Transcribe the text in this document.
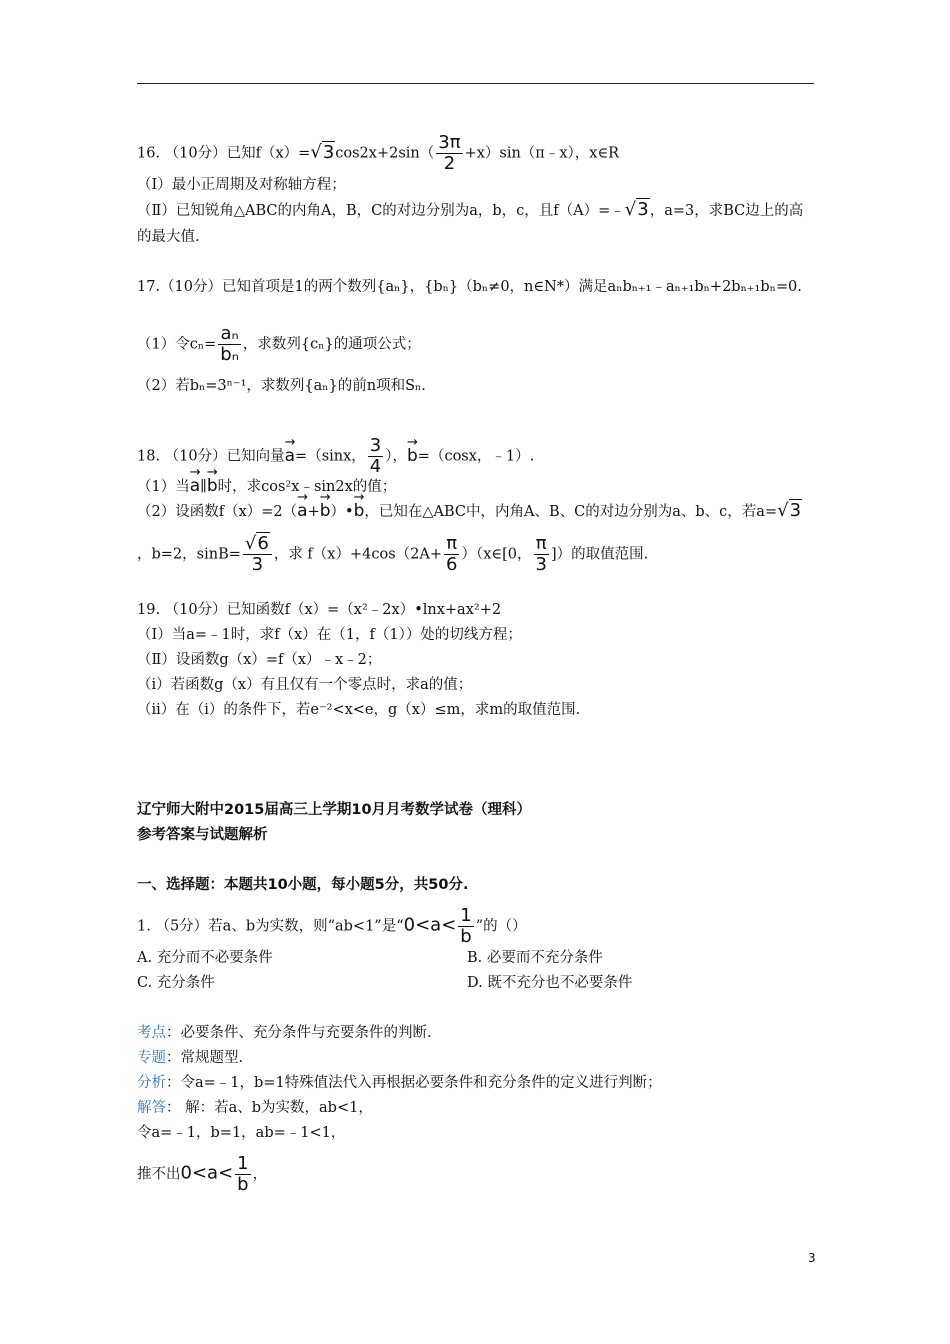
16. （10分）已知$f(x)=√3\cos 2x+2\sin( \frac{3\pi}{2}$ +x）sin（π﹣x），x∈R
（Ⅰ）最小正周期及对称轴方程；
（Ⅱ）已知锐角△ABC的内角A，B，C的对边分别为a，b，c，且f（A）=﹣√3，a=3，求BC边上的高
的最大值.
17.（10分）已知首项是1的两个数列{aₙ}，{bₙ}（bₙ≠0，n∈N*）满足aₙbₙ₊₁﹣aₙ₊₁bₙ+2bₙ₊₁bₙ=0.
（1）令$c_n= \frac{\text{aₙ}}{\text{bₙ}}$ ，求数列{cₙ}的通项公式；
（2）若bₙ=3ⁿ⁻¹，求数列{aₙ}的前n项和Sₙ.
18. （10分）已知向量→ a=（sinx， $\frac{3}{4}$ ），→ b=（cosx，﹣1）.
（1）当→ a∥→ b时，求cos²x﹣sin2x的值；
（2）设函数f（x）=2（→ a+→ b）•→ b，已知在△ABC中，内角A、B、C的对边分别为a、b、c，若a=√3
，b=2，$\sin B= \frac{√6}{3}$ ，求 $f(x)+4\cos(2A+ \frac{\pi}{6}$ ）（x∈[0， $\frac{\pi}{3}$ ]）的取值范围.
19. （10分）已知函数f（x）=（x²﹣2x）•lnx+ax²+2
（Ⅰ）当a=﹣1时，求f（x）在（1，f（1））处的切线方程；
（Ⅱ）设函数g（x）=f（x）﹣x﹣2；
（i）若函数g（x）有且仅有一个零点时，求a的值；
（ii）在（i）的条件下，若e⁻²<x<e，g（x）≤m，求m的取值范围.
辽宁师大附中2015届高三上学期10月月考数学试卷（理科）
参考答案与试题解析
一、选择题：本题共10小题，每小题5分，共50分.
1. （5分）若a、b为实数，则“ab<1”是“$0<a< \frac{1}{b}$ ”的（）
A. 充分而不必要条件	B. 必要而不充分条件
C. 充分条件	D. 既不充分也不必要条件
考点：必要条件、充分条件与充要条件的判断.
专题：常规题型.
分析：令a=﹣1，b=1特殊值法代入再根据必要条件和充分条件的定义进行判断；
解答： 解：若a、b为实数，ab<1，
令a=﹣1，b=1，ab=﹣1<1，
推不出$0<a< \frac{1}{b}$ ，
3
